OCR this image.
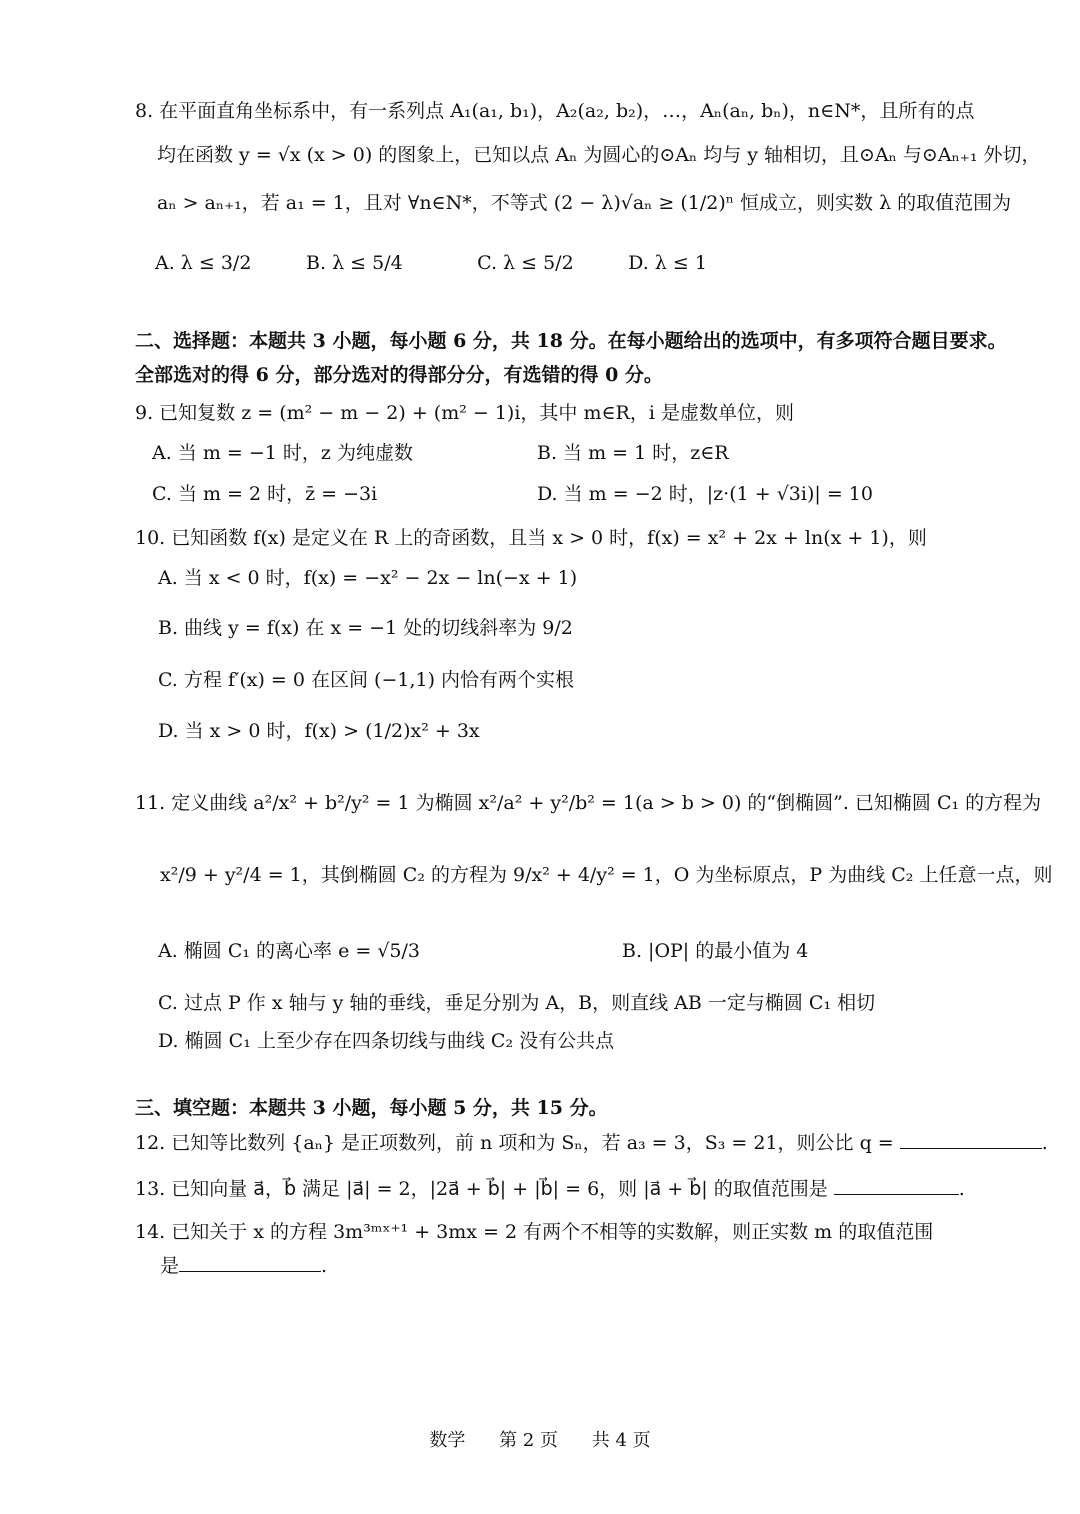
8. 在平面直角坐标系中，有一系列点 A₁(a₁, b₁)，A₂(a₂, b₂)，…，Aₙ(aₙ, bₙ)，n∈N*，且所有的点
均在函数 y = √x (x > 0) 的图象上，已知以点 Aₙ 为圆心的⊙Aₙ 均与 y 轴相切，且⊙Aₙ 与⊙Aₙ₊₁ 外切，
aₙ > aₙ₊₁，若 a₁ = 1，且对 ∀n∈N*，不等式 (2 − λ)√aₙ ≥ (1/2)ⁿ 恒成立，则实数 λ 的取值范围为
A. λ ≤ 3/2	B. λ ≤ 5/4	C. λ ≤ 5/2	D. λ ≤ 1
二、选择题：本题共 3 小题，每小题 6 分，共 18 分。在每小题给出的选项中，有多项符合题目要求。
全部选对的得 6 分，部分选对的得部分分，有选错的得 0 分。
9. 已知复数 z = (m² − m − 2) + (m² − 1)i，其中 m∈R，i 是虚数单位，则
A. 当 m = −1 时，z 为纯虚数	B. 当 m = 1 时，z∈R
C. 当 m = 2 时，z̄ = −3i	D. 当 m = −2 时，|z·(1 + √3i)| = 10
10. 已知函数 f(x) 是定义在 R 上的奇函数，且当 x > 0 时，f(x) = x² + 2x + ln(x + 1)，则
A. 当 x < 0 时，f(x) = −x² − 2x − ln(−x + 1)
B. 曲线 y = f(x) 在 x = −1 处的切线斜率为 9/2
C. 方程 f′(x) = 0 在区间 (−1,1) 内恰有两个实根
D. 当 x > 0 时，f(x) > (1/2)x² + 3x
11. 定义曲线 a²/x² + b²/y² = 1 为椭圆 x²/a² + y²/b² = 1(a > b > 0) 的“倒椭圆”. 已知椭圆 C₁ 的方程为
x²/9 + y²/4 = 1，其倒椭圆 C₂ 的方程为 9/x² + 4/y² = 1，O 为坐标原点，P 为曲线 C₂ 上任意一点，则
A. 椭圆 C₁ 的离心率 e = √5/3	B. |OP| 的最小值为 4
C. 过点 P 作 x 轴与 y 轴的垂线，垂足分别为 A，B，则直线 AB 一定与椭圆 C₁ 相切
D. 椭圆 C₁ 上至少存在四条切线与曲线 C₂ 没有公共点
三、填空题：本题共 3 小题，每小题 5 分，共 15 分。
12. 已知等比数列 {aₙ} 是正项数列，前 n 项和为 Sₙ，若 a₃ = 3，S₃ = 21，则公比 q =	.
13. 已知向量 a⃗，b⃗ 满足 |a⃗| = 2，|2a⃗ + b⃗| + |b⃗| = 6，则 |a⃗ + b⃗| 的取值范围是	.
14. 已知关于 x 的方程 3m³ᵐˣ⁺¹ + 3mx = 2 有两个不相等的实数解，则正实数 m 的取值范围
是	.
数学 第 2 页 共 4 页
